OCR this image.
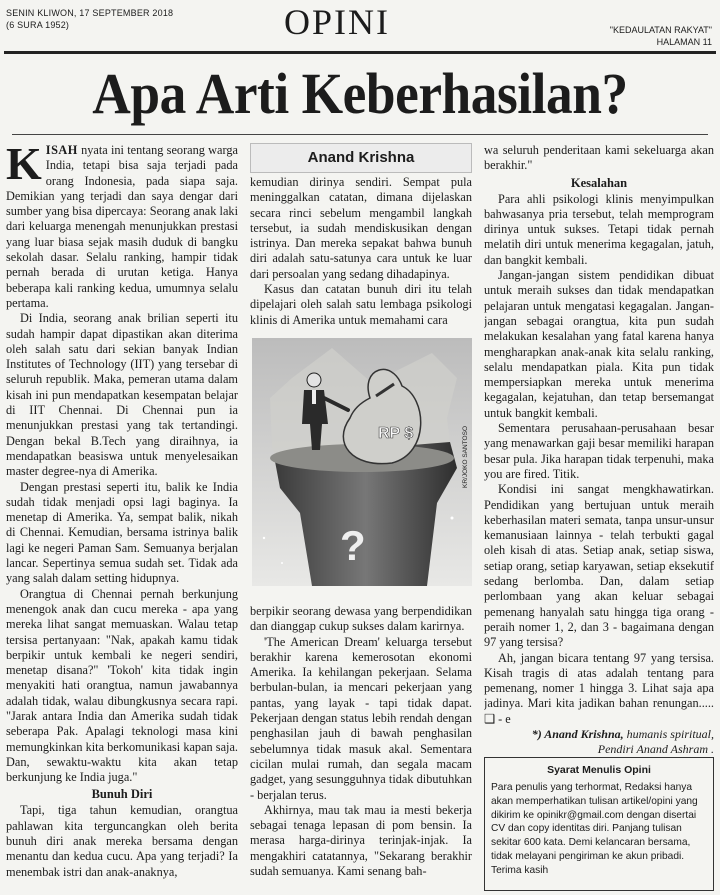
SENIN KLIWON, 17 SEPTEMBER 2018
(6 SURA 1952)	OPINI	"KEDAULATAN RAKYAT"
HALAMAN 11
Apa Arti Keberhasilan?

KISAH nyata ini tentang seorang warga India, tetapi bisa saja terjadi pada orang Indonesia, pada siapa saja. Demikian yang terjadi dan saya dengar dari sumber yang bisa dipercaya: Seorang anak laki dari keluarga menengah menunjukkan prestasi yang luar biasa sejak masih duduk di bangku sekolah dasar. Selalu ranking, hampir tidak pernah berada di urutan ketiga. Hanya beberapa kali ranking kedua, umumnya selalu pertama.

Di India, seorang anak brilian seperti itu sudah hampir dapat dipastikan akan diterima oleh salah satu dari sekian banyak Indian Institutes of Technology (IIT) yang tersebar di seluruh republik. Maka, pemeran utama dalam kisah ini pun mendapatkan kesempatan belajar di IIT Chennai. Di Chennai pun ia menunjukkan prestasi yang tak tertandingi. Dengan bekal B.Tech yang diraihnya, ia mendapatkan beasiswa untuk menyelesaikan master degree-nya di Amerika.

Dengan prestasi seperti itu, balik ke India sudah tidak menjadi opsi lagi baginya. Ia menetap di Amerika. Ya, sempat balik, nikah di Chennai. Kemudian, bersama istrinya balik lagi ke negeri Paman Sam. Semuanya berjalan lancar. Sepertinya semua sudah set. Tidak ada yang salah dalam setting hidupnya.

Orangtua di Chennai pernah berkunjung menengok anak dan cucu mereka - apa yang mereka lihat sangat memuaskan. Walau tetap tersisa pertanyaan: "Nak, apakah kamu tidak berpikir untuk kembali ke negeri sendiri, menetap disana?" 'Tokoh' kita tidak ingin menyakiti hati orangtua, namun jawabannya adalah tidak, walau dibungkusnya secara rapi. "Jarak antara India dan Amerika sudah tidak seberapa Pak. Apalagi teknologi masa kini memungkinkan kita berkomunikasi kapan saja. Dan, sewaktu-waktu kita akan tetap berkunjung ke India juga."

Bunuh Diri

Tapi, tiga tahun kemudian, orangtua pahlawan kita terguncangkan oleh berita bunuh diri anak mereka bersama dengan menantu dan kedua cucu. Apa yang terjadi? Ia menembak istri dan anak-anaknya,

Anand Krishna

kemudian dirinya sendiri. Sempat pula meninggalkan catatan, dimana dijelaskan secara rinci sebelum mengambil langkah tersebut, ia sudah mendiskusikan dengan istrinya. Dan mereka sepakat bahwa bunuh diri adalah satu-satunya cara untuk ke luar dari persoalan yang sedang dihadapinya.

Kasus dan catatan bunuh diri itu telah dipelajari oleh salah satu lembaga psikologi klinis di Amerika untuk memahami cara

RP $
?
KR/JOKO SANTOSO

berpikir seorang dewasa yang berpendidikan dan dianggap cukup sukses dalam karirnya.

'The American Dream' keluarga tersebut berakhir karena kemerosotan ekonomi Amerika. Ia kehilangan pekerjaan. Selama berbulan-bulan, ia mencari pekerjaan yang pantas, yang layak - tapi tidak dapat. Pekerjaan dengan status lebih rendah dengan penghasilan jauh di bawah penghasilan sebelumnya tidak masuk akal. Sementara cicilan mulai rumah, dan segala macam gadget, yang sesungguhnya tidak dibutuhkan - berjalan terus.

Akhirnya, mau tak mau ia mesti bekerja sebagai tenaga lepasan di pom bensin. Ia merasa harga-dirinya terinjak-injak. Ia mengakhiri catatannya, "Sekarang berakhir sudah semuanya. Kami senang bah-

wa seluruh penderitaan kami sekeluarga akan berakhir."

Kesalahan

Para ahli psikologi klinis menyimpulkan bahwasanya pria tersebut, telah memprogram dirinya untuk sukses. Tetapi tidak pernah melatih diri untuk menerima kegagalan, jatuh, dan bangkit kembali.

Jangan-jangan sistem pendidikan dibuat untuk meraih sukses dan tidak mendapatkan pelajaran untuk mengatasi kegagalan. Jangan-jangan sebagai orangtua, kita pun sudah melakukan kesalahan yang fatal karena hanya mengharapkan anak-anak kita selalu ranking, selalu mendapatkan piala. Kita pun tidak mempersiapkan mereka untuk menerima kegagalan, kejatuhan, dan tetap bersemangat untuk bangkit kembali.

Sementara perusahaan-perusahaan besar yang menawarkan gaji besar memiliki harapan besar pula. Jika harapan tidak terpenuhi, maka you are fired. Titik.

Kondisi ini sangat mengkhawatirkan. Pendidikan yang bertujuan untuk meraih keberhasilan materi semata, tanpa unsur-unsur kemanusiaan lainnya - telah terbukti gagal oleh kisah di atas. Setiap anak, setiap siswa, setiap orang, setiap karyawan, setiap eksekutif sedang berlomba. Dan, dalam setiap perlombaan yang akan keluar sebagai pemenang hanyalah satu hingga tiga orang - peraih nomer 1, 2, dan 3 - bagaimana dengan 97 yang tersisa?

Ah, jangan bicara tentang 97 yang tersisa. Kisah tragis di atas adalah tentang para pemenang, nomer 1 hingga 3. Lihat saja apa jadinya. Mari kita jadikan bahan renungan..... ❑ - e

*) Anand Krishna, humanis spiritual,
Pendiri Anand Ashram .
Syarat Menulis Opini
Para penulis yang terhormat, Redaksi hanya
akan memperhatikan tulisan artikel/opini yang
dikirim ke opinikr@gmail.com dengan disertai
CV dan copy identitas diri. Panjang tulisan
sekitar 600 kata. Demi kelancaran bersama,
tidak melayani pengiriman ke akun pribadi.
Terima kasih
